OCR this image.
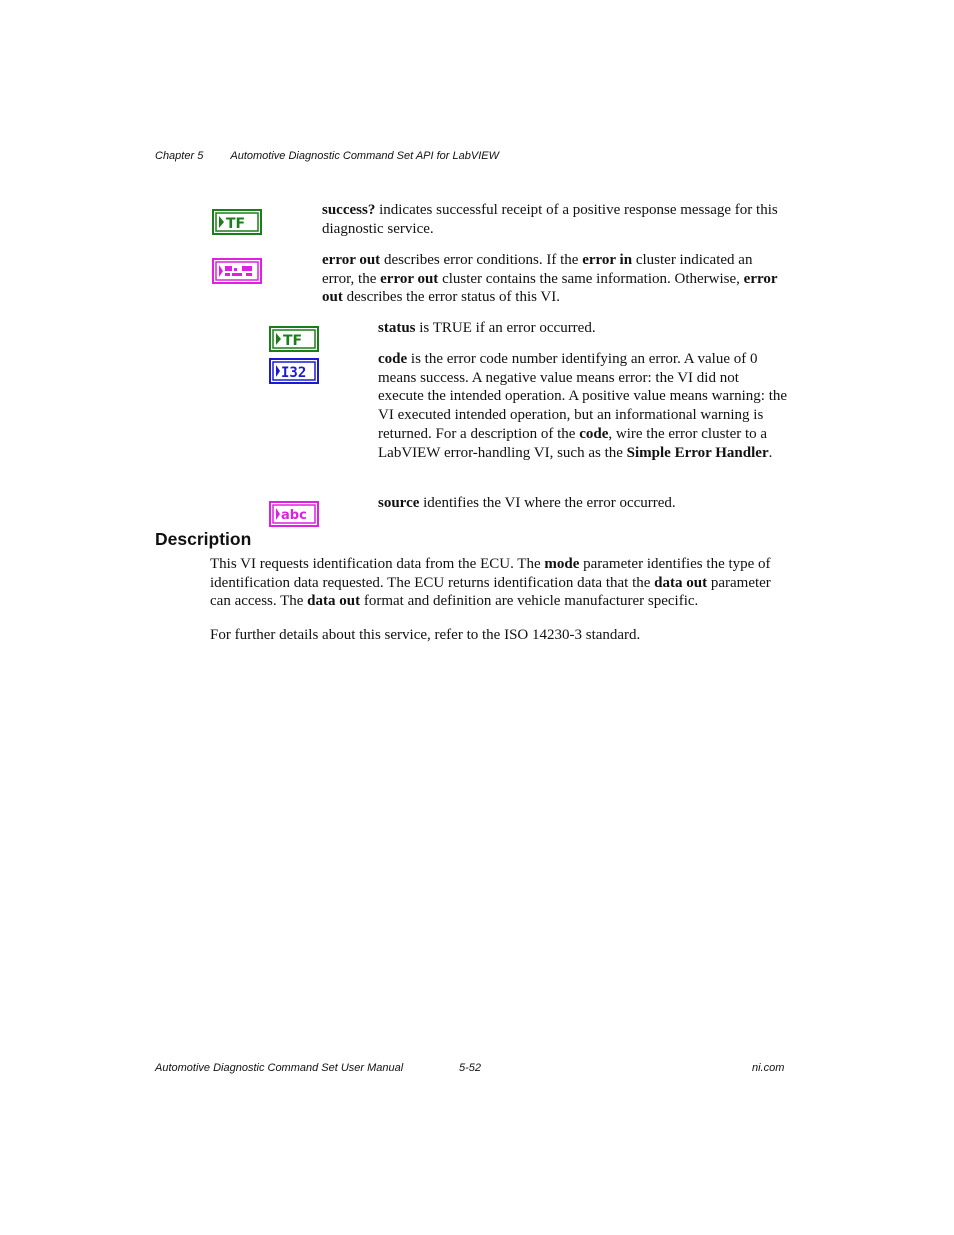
Chapter 5 Automotive Diagnostic Command Set API for LabVIEW
TF
success? indicates successful receipt of a positive response message for this diagnostic service.
error out describes error conditions. If the error in cluster indicated an error, the error out cluster contains the same information. Otherwise, error out describes the error status of this VI.
TF
status is TRUE if an error occurred.
I32
code is the error code number identifying an error. A value of 0 means success. A negative value means error: the VI did not execute the intended operation. A positive value means warning: the VI executed intended operation, but an informational warning is returned. For a description of the code, wire the error cluster to a LabVIEW error-handling VI, such as the Simple Error Handler.
abc
source identifies the VI where the error occurred.
Description
This VI requests identification data from the ECU. The mode parameter identifies the type of identification data requested. The ECU returns identification data that the data out parameter can access. The data out format and definition are vehicle manufacturer specific.
For further details about this service, refer to the ISO 14230-3 standard.
Automotive Diagnostic Command Set User Manual	5-52	ni.com
